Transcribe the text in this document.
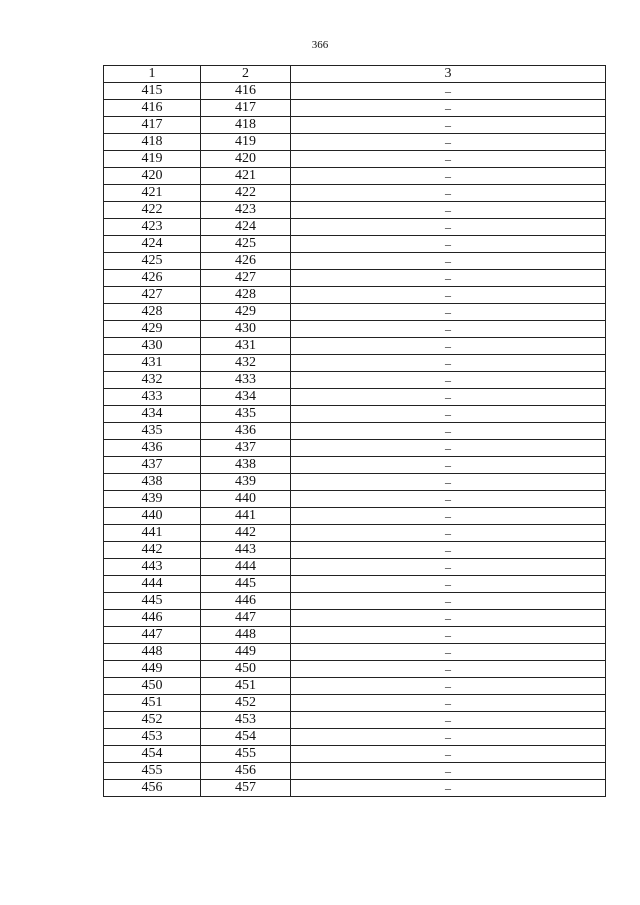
366
1	2	3
415	416	–
416	417	–
417	418	–
418	419	–
419	420	–
420	421	–
421	422	–
422	423	–
423	424	–
424	425	–
425	426	–
426	427	–
427	428	–
428	429	–
429	430	–
430	431	–
431	432	–
432	433	–
433	434	–
434	435	–
435	436	–
436	437	–
437	438	–
438	439	–
439	440	–
440	441	–
441	442	–
442	443	–
443	444	–
444	445	–
445	446	–
446	447	–
447	448	–
448	449	–
449	450	–
450	451	–
451	452	–
452	453	–
453	454	–
454	455	–
455	456	–
456	457	–
